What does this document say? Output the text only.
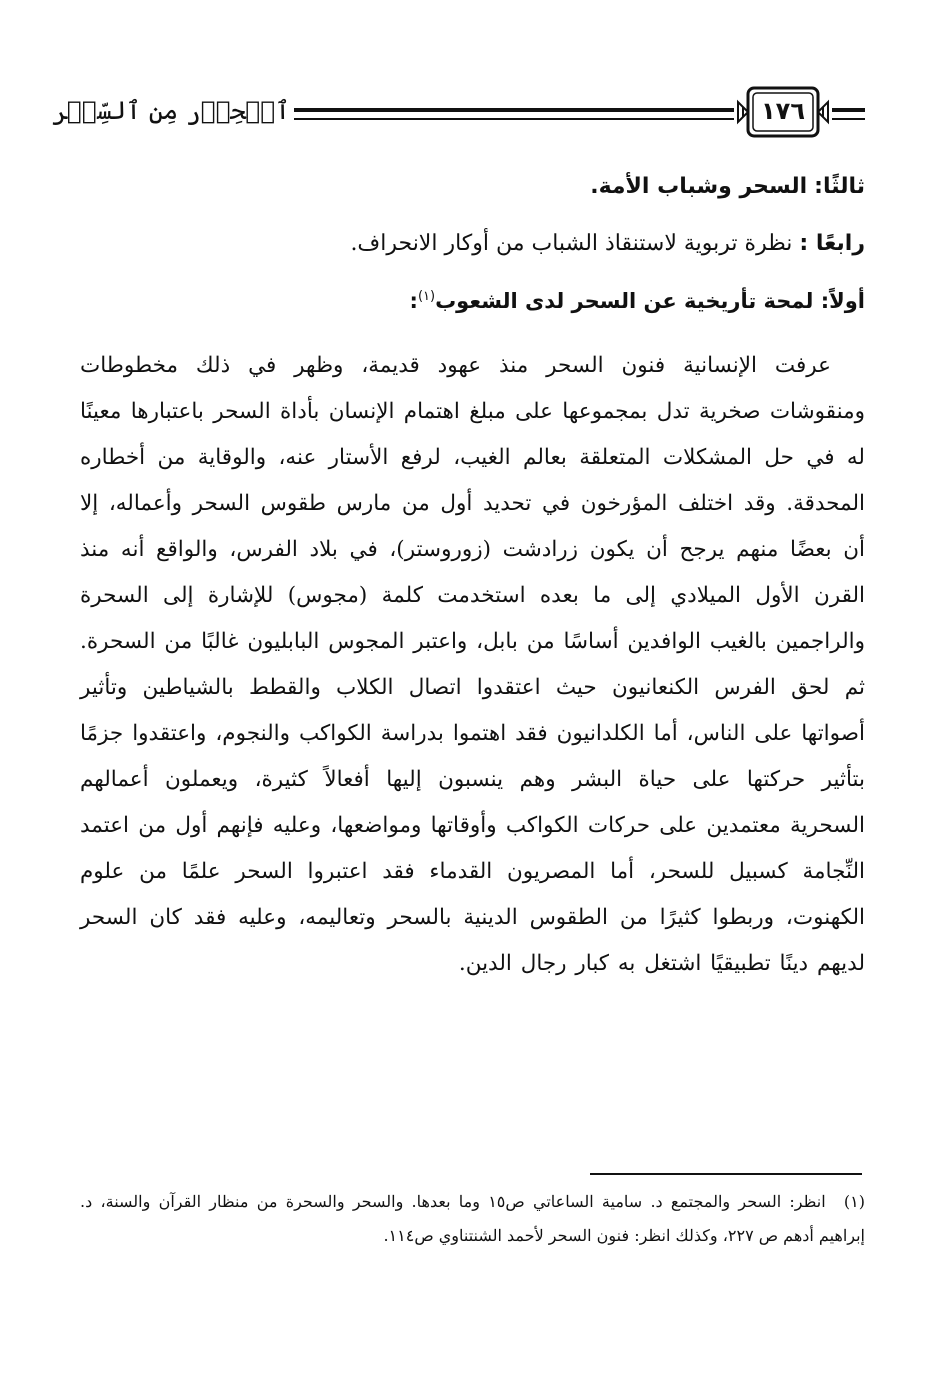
ٱلۡحِذۡر مِن ٱلسِّحۡر	١٧٦

ثالثًا: السحر وشباب الأمة.

رابعًا : نظرة تربوية لاستنقاذ الشباب من أوكار الانحراف.

أولاً: لمحة تأريخية عن السحر لدى الشعوب$^{(١)}$:

عرفت الإنسانية فنون السحر منذ عهود قديمة، وظهر في ذلك مخطوطات ومنقوشات صخرية تدل بمجموعها على مبلغ اهتمام الإنسان بأداة السحر باعتبارها معينًا له في حل المشكلات المتعلقة بعالم الغيب، لرفع الأستار عنه، والوقاية من أخطاره المحدقة. وقد اختلف المؤرخون في تحديد أول من مارس طقوس السحر وأعماله، إلا أن بعضًا منهم يرجح أن يكون زرادشت (زوروستر)، في بلاد الفرس، والواقع أنه منذ القرن الأول الميلادي إلى ما بعده استخدمت كلمة (مجوس) للإشارة إلى السحرة والراجمين بالغيب الوافدين أساسًا من بابل، واعتبر المجوس البابليون غالبًا من السحرة. ثم لحق الفرس الكنعانيون حيث اعتقدوا اتصال الكلاب والقطط بالشياطين وتأثير أصواتها على الناس، أما الكلدانيون فقد اهتموا بدراسة الكواكب والنجوم، واعتقدوا جزمًا بتأثير حركتها على حياة البشر وهم ينسبون إليها أفعالاً كثيرة، ويعملون أعمالهم السحرية معتمدين على حركات الكواكب وأوقاتها ومواضعها، وعليه فإنهم أول من اعتمد النِّجامة كسبيل للسحر، أما المصريون القدماء فقد اعتبروا السحر علمًا من علوم الكهنوت، وربطوا كثيرًا من الطقوس الدينية بالسحر وتعاليمه، وعليه فقد كان السحر لديهم دينًا تطبيقيًا اشتغل به كبار رجال الدين.

(١) انظر: السحر والمجتمع د. سامية الساعاتي ص١٥ وما بعدها. والسحر والسحرة من منظار القرآن والسنة، د. إبراهيم أدهم ص ٢٢٧، وكذلك انظر: فنون السحر لأحمد الشنتناوي ص١١٤.
